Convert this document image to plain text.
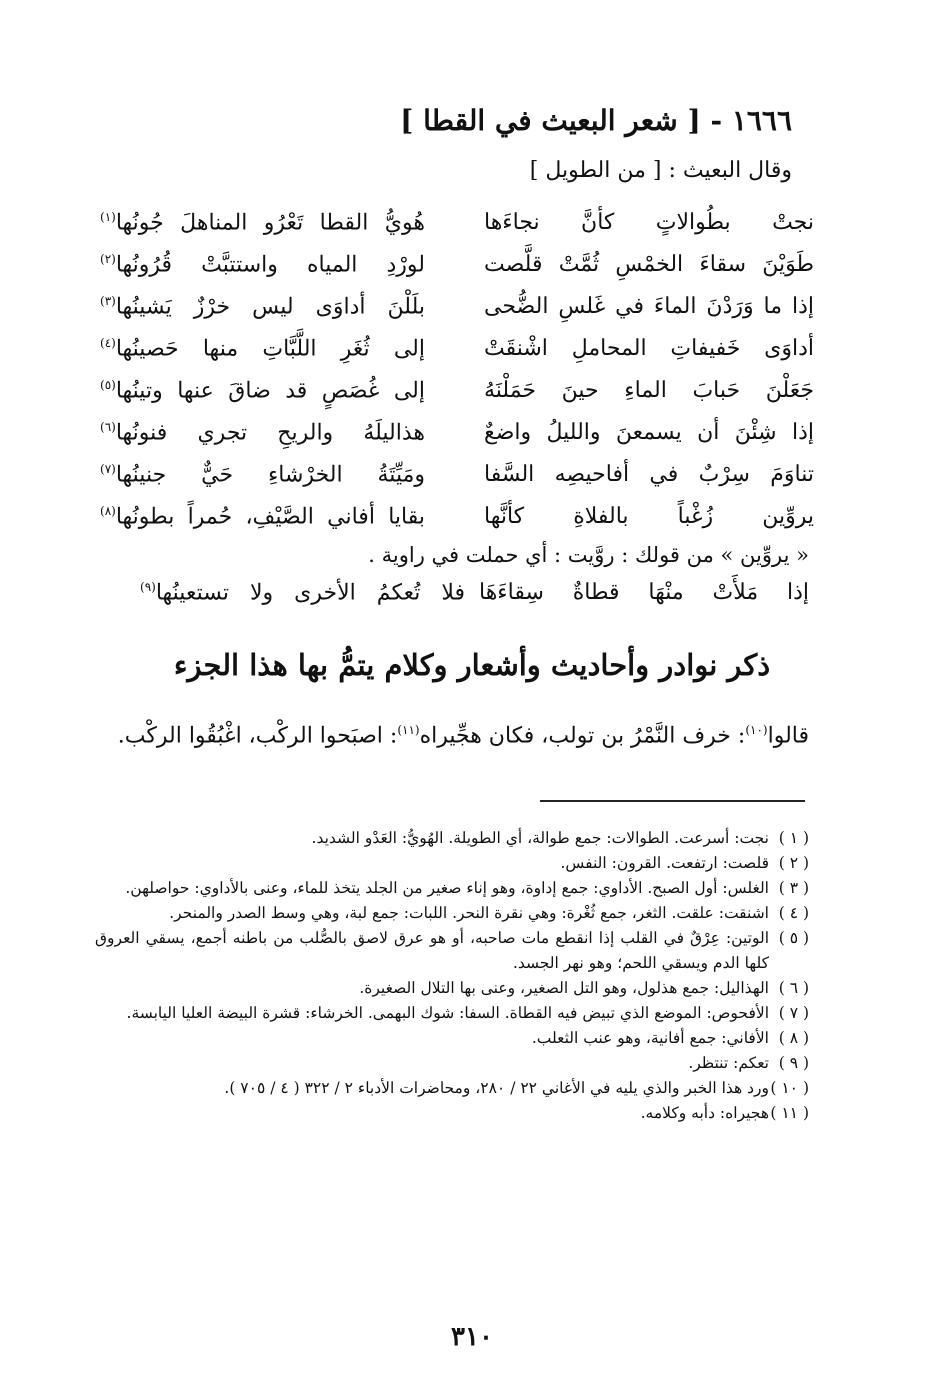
١٦٦٦ - [ شعر البعيث في القطا ]
وقال البعيث : [ من الطويل ]
نجتْ بطُوالاتٍ كأنَّ نجاءَها
هُويُّ القطا تَعْرُو المناهلَ جُونُها$^{(١)}$
طَوَيْنَ سقاءَ الخمْسِ ثُمَّتْ قلَّصت
لورْدِ المياه واستتبَّتْ قُرُونُها$^{(٢)}$
إذا ما وَرَدْنَ الماءَ في غَلسِ الضُّحى
بلَلْنَ أداوَى ليس خرْزٌ يَشينُها$^{(٣)}$
أداوَى خَفيفاتِ المحاملِ اشْنقَتْ
إلى ثُغَرِ اللَّبَّاتِ منها حَصينُها$^{(٤)}$
جَعَلْنَ حَبابَ الماءِ حينَ حَمَلْنَهُ
إلى غُصَصٍ قد ضاقَ عنها وتينُها$^{(٥)}$
إذا شِئْنَ أن يسمعنَ والليلُ واضعٌ
هذاليلَهُ والريحِ تجري فنونُها$^{(٦)}$
تناوَمَ سِرْبٌ في أفاحيصِه السَّفا
ومَيِّتَةُ الخرْشاءِ حَيٌّ جنينُها$^{(٧)}$
يروِّين زُغْباً بالفلاةِ كأنَّها
بقايا أفاني الصَّيْفِ، حُمراً بطونُها$^{(٨)}$
« يروِّين » من قولك : روَّيت : أي حملت في راوية .
إذا مَلأَتْ منْهَا قطاةٌ سِقاءَهَا
فلا تُعكمُ الأخرى ولا تستعينُها$^{(٩)}$
ذكر نوادر وأحاديث وأشعار وكلام يتمُّ بها هذا الجزء
قالوا$^{(١٠)}$: خرف النَّمْرُ بن تولب، فكان هجِّيراه$^{(١١)}$: اصبَحوا الركْب، اغْبُقُوا الركْب.
( ١ )
نجت: أسرعت. الطوالات: جمع طوالة، أي الطويلة. الهُويُّ: العَدْو الشديد.
( ٢ )
قلصت: ارتفعت. القرون: النفس.
( ٣ )
الغلس: أول الصبح. الأداوي: جمع إداوة، وهو إناء صغير من الجلد يتخذ للماء، وعنى بالأداوي: حواصلهن.
( ٤ )
اشنقت: علقت. الثغر، جمع ثُغْرة: وهي نقرة النحر. اللبات: جمع لبة، وهي وسط الصدر والمنحر.
( ٥ )
الوتين: عِرْقٌ في القلب إذا انقطع مات صاحبه، أو هو عرق لاصق بالصُّلب من باطنه أجمع، يسقي العروق كلها الدم ويسقي اللحم؛ وهو نهر الجسد.
( ٦ )
الهذاليل: جمع هذلول، وهو التل الصغير، وعنى بها التلال الصغيرة.
( ٧ )
الأفحوص: الموضع الذي تبيض فيه القطاة. السفا: شوك البهمى. الخرشاء: قشرة البيضة العليا اليابسة.
( ٨ )
الأفاني: جمع أفانية، وهو عنب الثعلب.
( ٩ )
تعكم: تنتظر.
( ١٠ )
ورد هذا الخبر والذي يليه في الأغاني ٢٢ / ٢٨٠، ومحاضرات الأدباء ٢ / ٣٢٢ ( ٤ / ٧٠٥ ).
( ١١ )
هجيراه: دأبه وكلامه.
٣١٠
